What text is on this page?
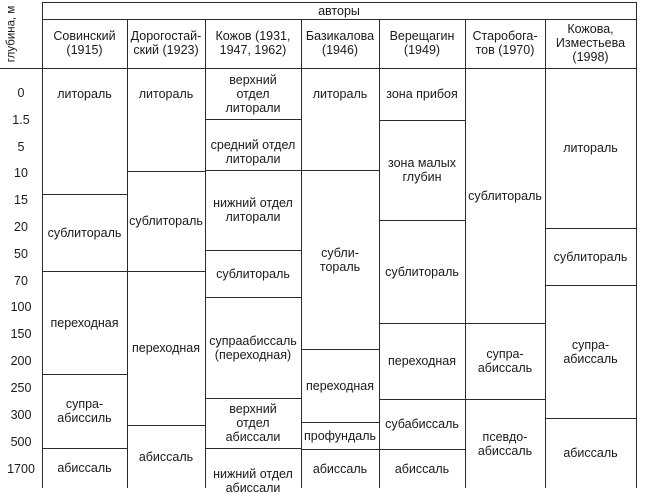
глубина, м	авторы
Совинский
(1915)
Дорогостай-
ский (1923)
Кожов (1931,
1947, 1962)
Базикалова
(1946)
Верещагин
(1949)
Старобога-
тов (1970)
Кожова,
Изместьева
(1998)
0
1.5
5
10
15
20
50
70
100
150
200
250
300
500
1700
литораль
сублитораль
переходная
супра-
абиссиль
абиссаль
литораль
сублитораль
переходная
абиссаль
верхний
отдел
литорали
средний отдел
литорали
нижний отдел
литорали
сублитораль
супраабиссаль
(переходная)
верхний
отдел
абиссали
нижний отдел
абиссали
литораль
субли-
тораль
переходная
профундаль
абиссаль
зона прибоя
зона малых
глубин
сублитораль
переходная
субабиссаль
абиссаль
сублитораль
супра-
абиссаль
псевдо-
абиссаль
литораль
сублитораль
супра-
абиссаль
абиссаль
